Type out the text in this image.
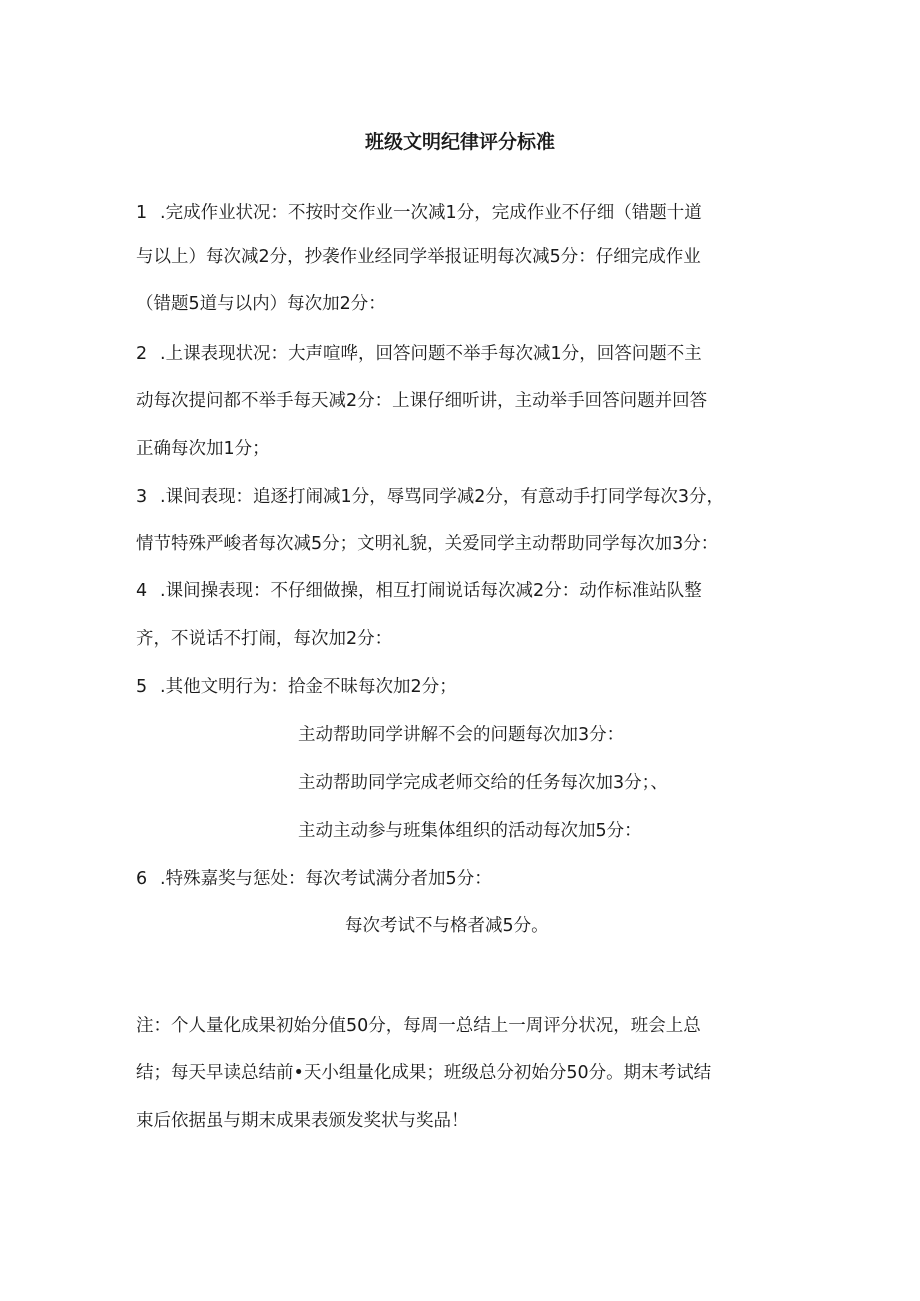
班级文明纪律评分标准
1 .完成作业状况：不按时交作业一次减1分，完成作业不仔细（错题十道
与以上）每次减2分，抄袭作业经同学举报证明每次减5分：仔细完成作业
（错题5道与以内）每次加2分：
2 .上课表现状况：大声喧哗，回答问题不举手每次减1分，回答问题不主
动每次提问都不举手每天减2分：上课仔细听讲，主动举手回答问题并回答
正确每次加1分；
3 .课间表现：追逐打闹减1分，辱骂同学减2分，有意动手打同学每次3分，
情节特殊严峻者每次减5分；文明礼貌，关爱同学主动帮助同学每次加3分：
4 .课间操表现：不仔细做操，相互打闹说话每次减2分：动作标准站队整
齐，不说话不打闹，每次加2分：
5 .其他文明行为：拾金不昧每次加2分；
主动帮助同学讲解不会的问题每次加3分：
主动帮助同学完成老师交给的任务每次加3分；、
主动主动参与班集体组织的活动每次加5分：
6 .特殊嘉奖与惩处：每次考试满分者加5分：
每次考试不与格者减5分。
注：个人量化成果初始分值50分，每周一总结上一周评分状况，班会上总
结；每天早读总结前•天小组量化成果；班级总分初始分50分。期末考试结
束后依据虽与期末成果表颁发奖状与奖品！
